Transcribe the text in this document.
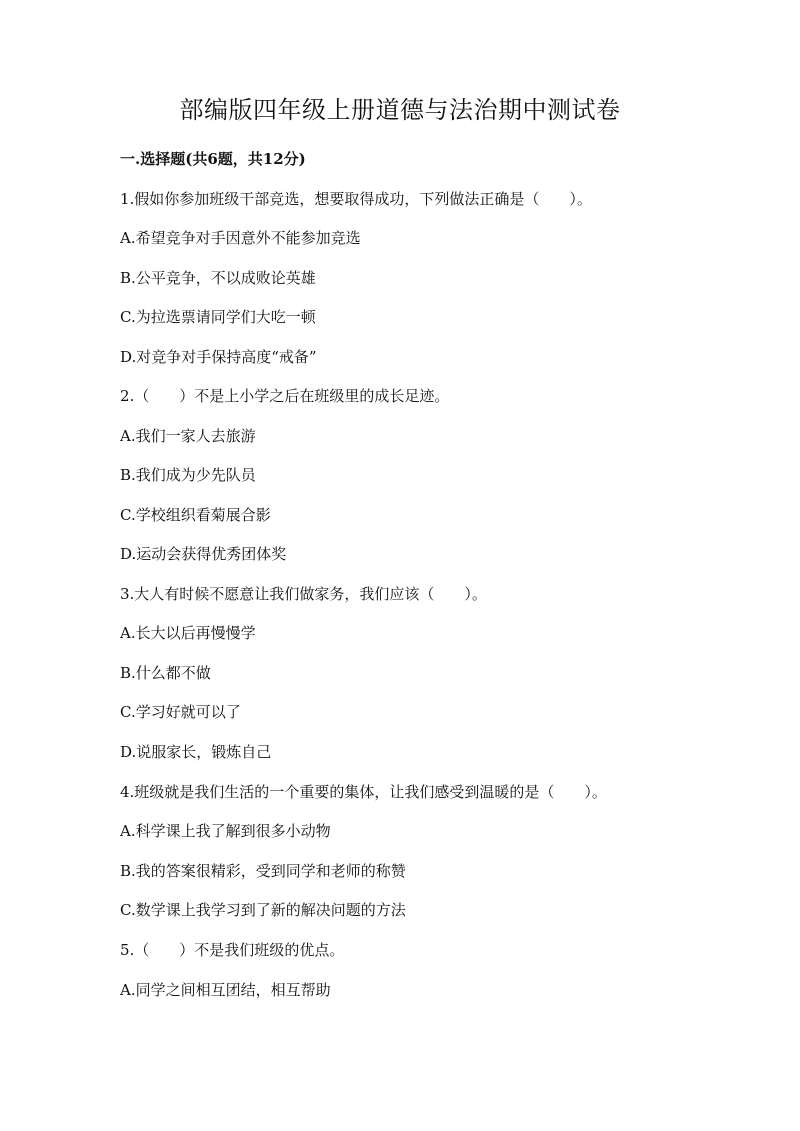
部编版四年级上册道德与法治期中测试卷
一.选择题(共6题，共12分)
1.假如你参加班级干部竞选，想要取得成功，下列做法正确是（　　）。
A.希望竞争对手因意外不能参加竞选
B.公平竞争，不以成败论英雄
C.为拉选票请同学们大吃一顿
D.对竞争对手保持高度“戒备”
2.（　　）不是上小学之后在班级里的成长足迹。
A.我们一家人去旅游
B.我们成为少先队员
C.学校组织看菊展合影
D.运动会获得优秀团体奖
3.大人有时候不愿意让我们做家务，我们应该（　　）。
A.长大以后再慢慢学
B.什么都不做
C.学习好就可以了
D.说服家长，锻炼自己
4.班级就是我们生活的一个重要的集体，让我们感受到温暖的是（　　）。
A.科学课上我了解到很多小动物
B.我的答案很精彩，受到同学和老师的称赞
C.数学课上我学习到了新的解决问题的方法
5.（　　）不是我们班级的优点。
A.同学之间相互团结，相互帮助
